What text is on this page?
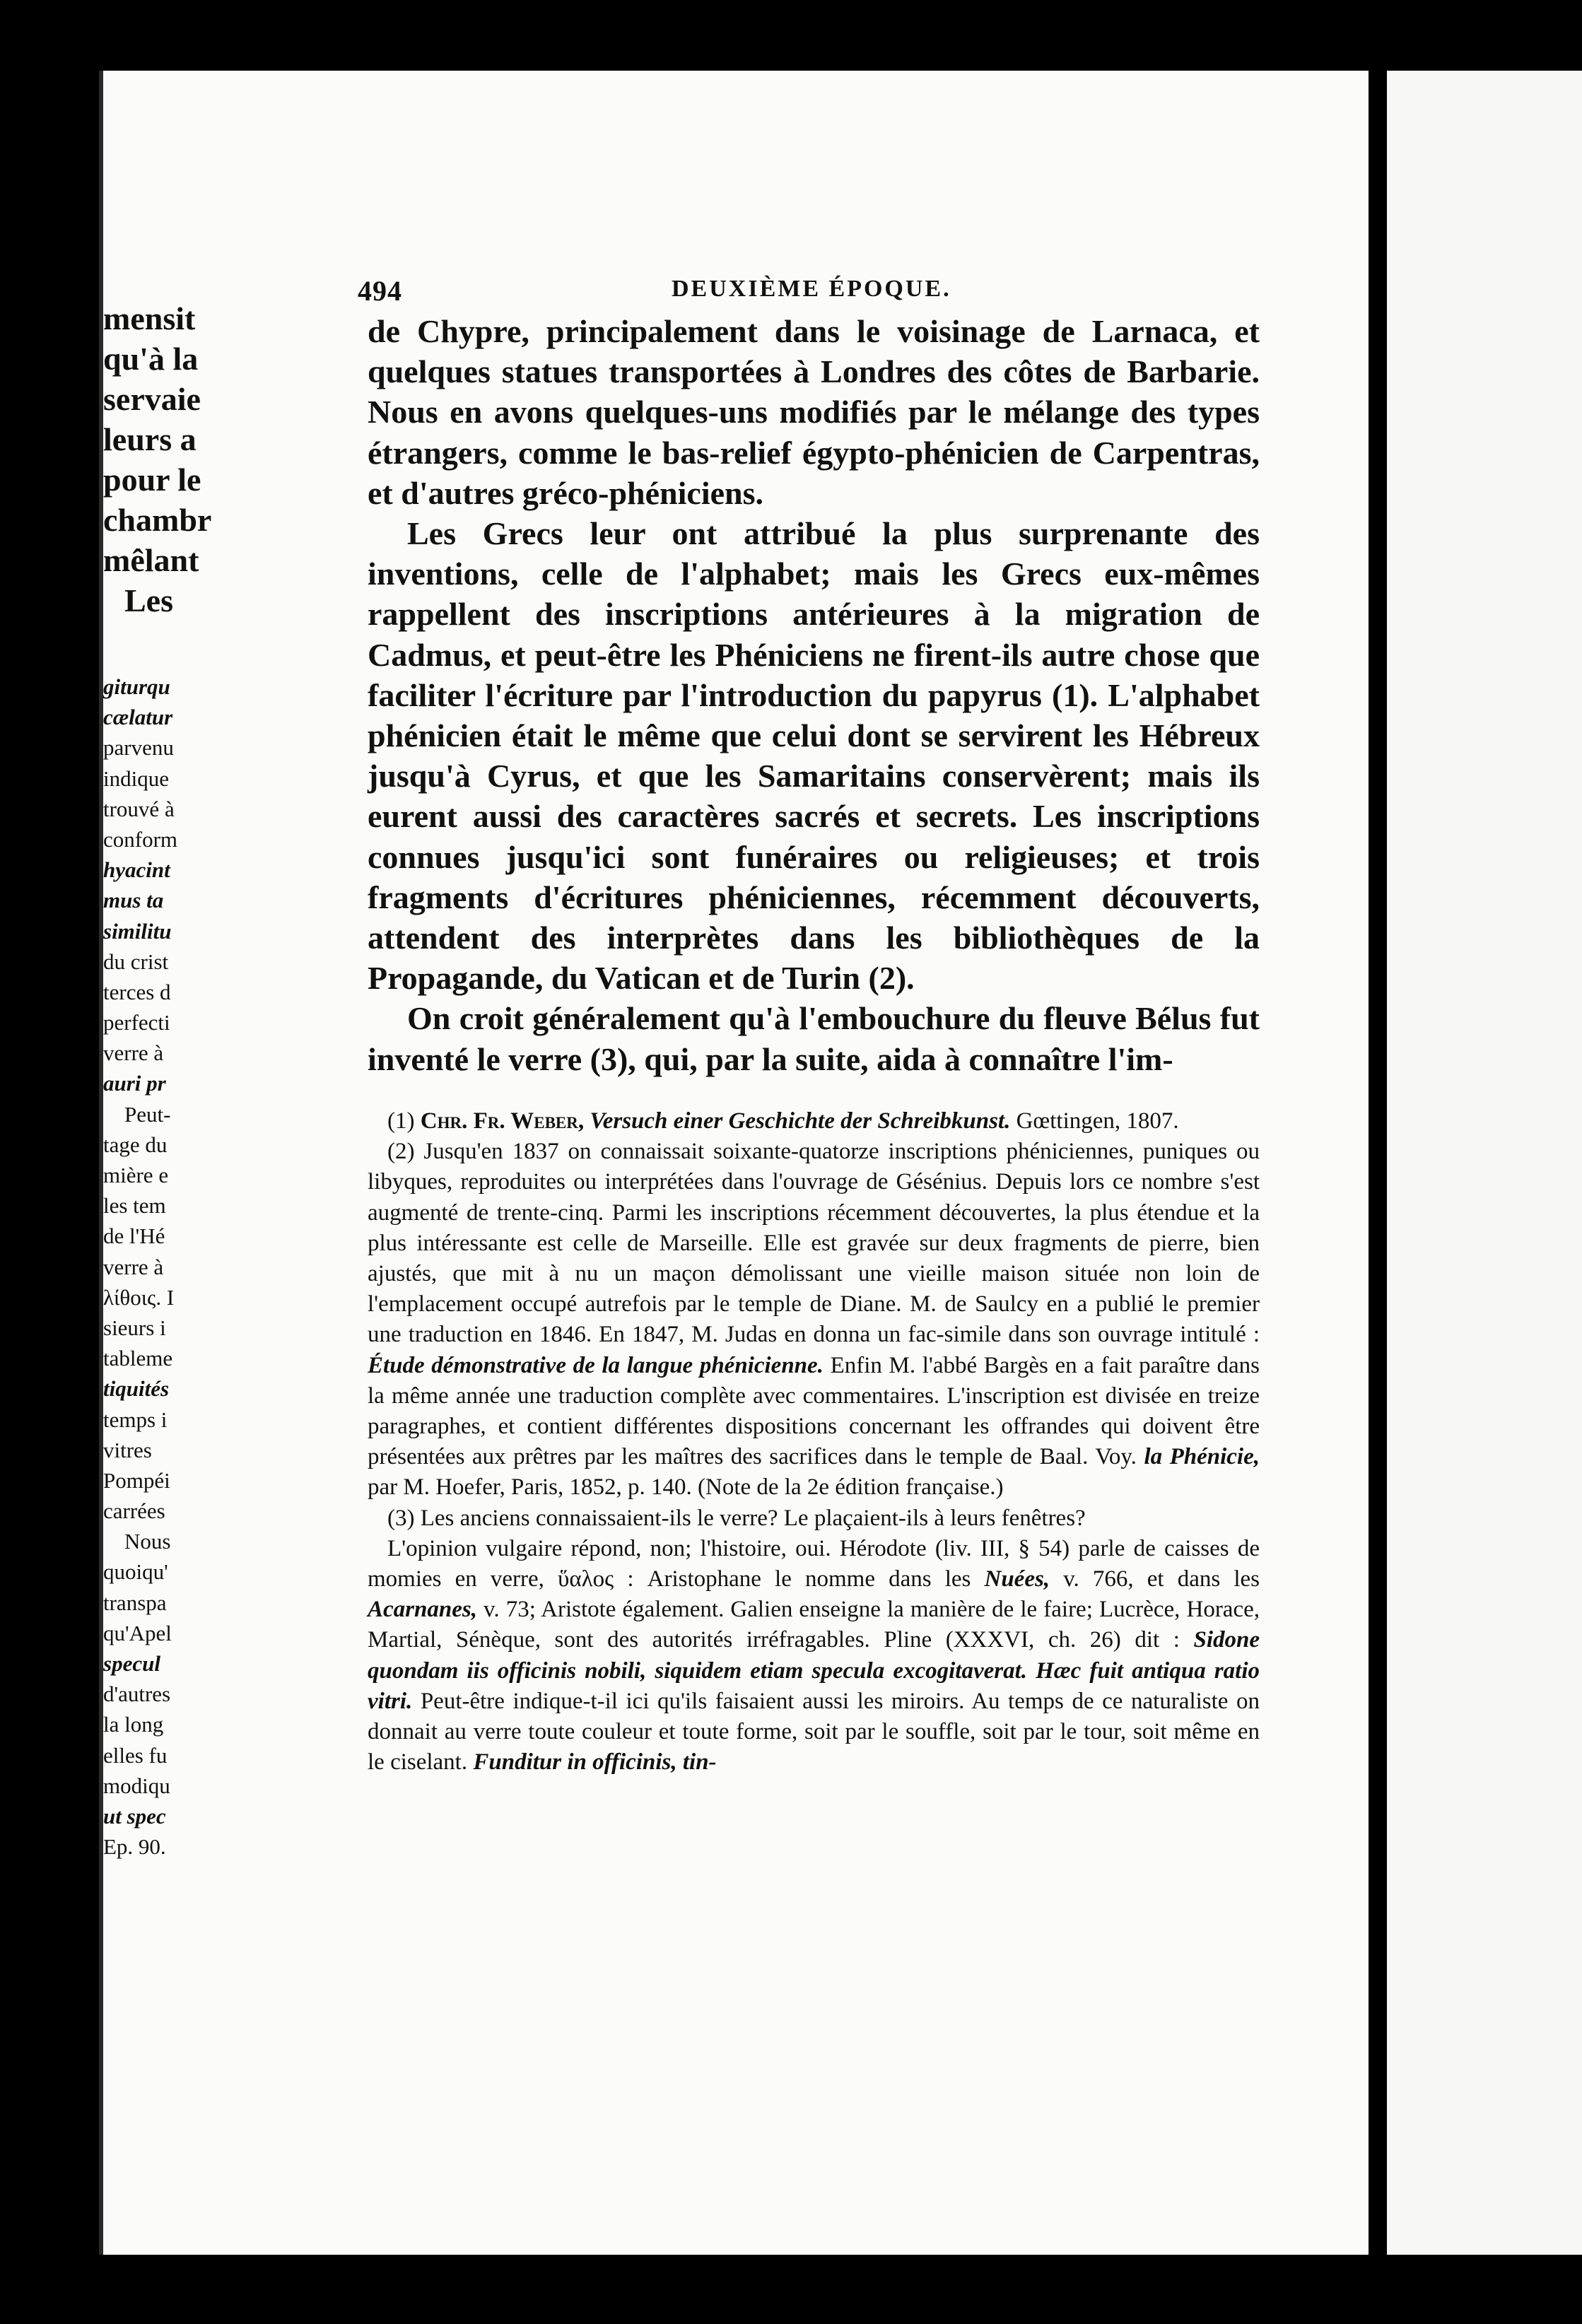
494	DEUXIÈME ÉPOQUE.

de Chypre, principalement dans le voisinage de Larnaca, et quelques statues transportées à Londres des côtes de Barbarie. Nous en avons quelques-uns modifiés par le mélange des types étrangers, comme le bas-relief égypto-phénicien de Carpentras, et d'autres gréco-phéniciens.

Les Grecs leur ont attribué la plus surprenante des inventions, celle de l'alphabet; mais les Grecs eux-mêmes rappellent des inscriptions antérieures à la migration de Cadmus, et peut-être les Phéniciens ne firent-ils autre chose que faciliter l'écriture par l'introduction du papyrus (1). L'alphabet phénicien était le même que celui dont se servirent les Hébreux jusqu'à Cyrus, et que les Samaritains conservèrent; mais ils eurent aussi des caractères sacrés et secrets. Les inscriptions connues jusqu'ici sont funéraires ou religieuses; et trois fragments d'écritures phéniciennes, récemment découverts, attendent des interprètes dans les bibliothèques de la Propagande, du Vatican et de Turin (2).

On croit généralement qu'à l'embouchure du fleuve Bélus fut inventé le verre (3), qui, par la suite, aida à connaître l'im-

(1) Chr. Fr. Weber, Versuch einer Geschichte der Schreibkunst. Gœttingen, 1807.

(2) Jusqu'en 1837 on connaissait soixante-quatorze inscriptions phéniciennes, puniques ou libyques, reproduites ou interprétées dans l'ouvrage de Gésénius. Depuis lors ce nombre s'est augmenté de trente-cinq. Parmi les inscriptions récemment découvertes, la plus étendue et la plus intéressante est celle de Marseille. Elle est gravée sur deux fragments de pierre, bien ajustés, que mit à nu un maçon démolissant une vieille maison située non loin de l'emplacement occupé autrefois par le temple de Diane. M. de Saulcy en a publié le premier une traduction en 1846. En 1847, M. Judas en donna un fac-simile dans son ouvrage intitulé : Étude démonstrative de la langue phénicienne. Enfin M. l'abbé Bargès en a fait paraître dans la même année une traduction complète avec commentaires. L'inscription est divisée en treize paragraphes, et contient différentes dispositions concernant les offrandes qui doivent être présentées aux prêtres par les maîtres des sacrifices dans le temple de Baal. Voy. la Phénicie, par M. Hoefer, Paris, 1852, p. 140. (Note de la 2e édition française.)

(3) Les anciens connaissaient-ils le verre? Le plaçaient-ils à leurs fenêtres?

L'opinion vulgaire répond, non; l'histoire, oui. Hérodote (liv. III, § 54) parle de caisses de momies en verre, ὕαλος : Aristophane le nomme dans les Nuées, v. 766, et dans les Acarnanes, v. 73; Aristote également. Galien enseigne la manière de le faire; Lucrèce, Horace, Martial, Sénèque, sont des autorités irréfragables. Pline (XXXVI, ch. 26) dit : Sidone quondam iis officinis nobili, siquidem etiam specula excogitaverat. Hæc fuit antiqua ratio vitri. Peut-être indique-t-il ici qu'ils faisaient aussi les miroirs. Au temps de ce naturaliste on donnait au verre toute couleur et toute forme, soit par le souffle, soit par le tour, soit même en le ciselant. Funditur in officinis, tin-

mensit
qu'à la
servaie
leurs a
pour le
chambr
mêlant
Les
giturqu
cælatur
parvenu
indique
trouvé à
conform
hyacint
mus ta
similitu
du crist
terces d
perfecti
verre à
auri pr
Peut-
tage du
mière e
les tem
de l'Hé
verre à
λίθοις. I
sieurs i
tableme
tiquités
temps i
vitres
Pompéi
carrées
Nous
quoiqu'
transpa
qu'Apel
specul
d'autres
la long
elles fu
modiqu
ut spec
Ep. 90.
